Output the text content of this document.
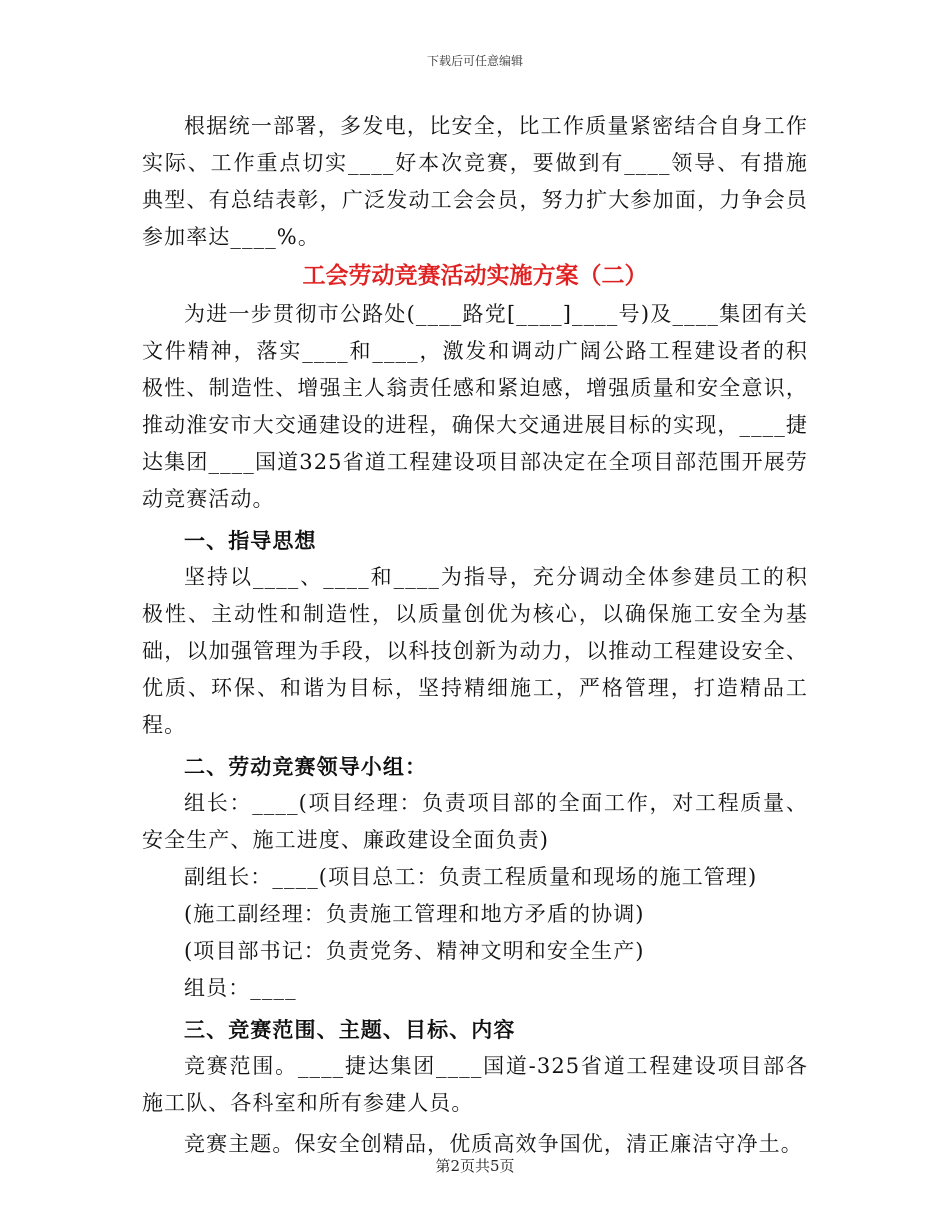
下载后可任意编辑

根据统一部署，多发电，比安全，比工作质量紧密结合自身工作实际、工作重点切实____好本次竞赛，要做到有____领导、有措施典型、有总结表彰，广泛发动工会会员，努力扩大参加面，力争会员参加率达____%。

工会劳动竞赛活动实施方案（二）

为进一步贯彻市公路处(____路党[____]____号)及____集团有关文件精神，落实____和____，激发和调动广阔公路工程建设者的积极性、制造性、增强主人翁责任感和紧迫感，增强质量和安全意识，推动淮安市大交通建设的进程，确保大交通进展目标的实现，____捷达集团____国道325省道工程建设项目部决定在全项目部范围开展劳动竞赛活动。

一、指导思想

坚持以____、____和____为指导，充分调动全体参建员工的积极性、主动性和制造性，以质量创优为核心，以确保施工安全为基础，以加强管理为手段，以科技创新为动力，以推动工程建设安全、优质、环保、和谐为目标，坚持精细施工，严格管理，打造精品工程。

二、劳动竞赛领导小组：

组长：____(项目经理：负责项目部的全面工作，对工程质量、安全生产、施工进度、廉政建设全面负责)

副组长：____(项目总工：负责工程质量和现场的施工管理)

(施工副经理：负责施工管理和地方矛盾的协调)

(项目部书记：负责党务、精神文明和安全生产)

组员：____

三、竞赛范围、主题、目标、内容

竞赛范围。____捷达集团____国道-325省道工程建设项目部各施工队、各科室和所有参建人员。

竞赛主题。保安全创精品，优质高效争国优，清正廉洁守净土。

第2页共5页
